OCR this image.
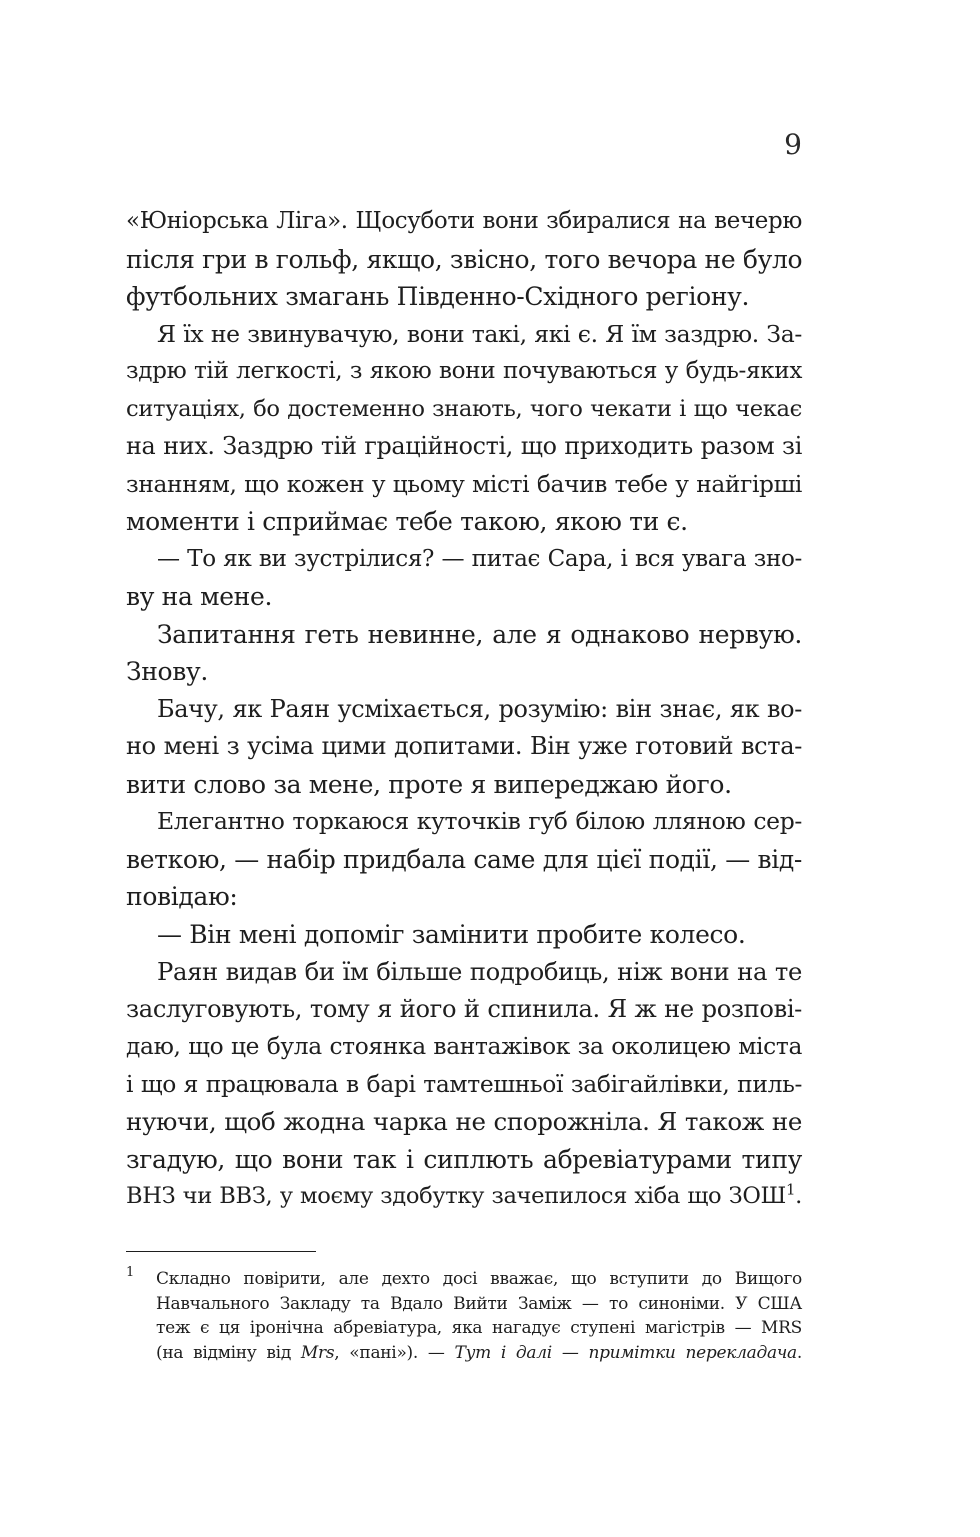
9
«Юніорська Ліга». Щосуботи вони збиралися на вечерю
після гри в гольф, якщо, звісно, того вечора не було
футбольних змагань Південно-Східного регіону.
Я їх не звинувачую, вони такі, які є. Я їм заздрю. За-
здрю тій легкості, з якою вони почуваються у будь-яких
ситуаціях, бо достеменно знають, чого чекати і що чекає
на них. Заздрю тій граційності, що приходить разом зі
знанням, що кожен у цьому місті бачив тебе у найгірші
моменти і сприймає тебе такою, якою ти є.
— То як ви зустрілися? — питає Сара, і вся увага зно-
ву на мене.
Запитання геть невинне, але я однаково нервую.
Знову.
Бачу, як Раян усміхається, розумію: він знає, як во-
но мені з усіма цими допитами. Він уже готовий вста-
вити слово за мене, проте я випереджаю його.
Елегантно торкаюся куточків губ білою лляною сер-
веткою, — набір придбала саме для цієї події, — від-
повідаю:
— Він мені допоміг замінити пробите колесо.
Раян видав би їм більше подробиць, ніж вони на те
заслуговують, тому я його й спинила. Я ж не розпові-
даю, що це була стоянка вантажівок за околицею міста
і що я працювала в барі тамтешньої забігайлівки, пиль-
нуючи, щоб жодна чарка не спорожніла. Я також не
згадую, що вони так і сиплють абревіатурами типу
ВНЗ чи ВВЗ, у моєму здобутку зачепилося хіба що ЗОШ$^1$.
1 Складно повірити, але дехто досі вважає, що вступити до Вищого
Навчального Закладу та Вдало Вийти Заміж — то синоніми. У США
теж є ця іронічна абревіатура, яка нагадує ступені магістрів — MRS
(на відміну від Mrs, «пані»). — Тут і далі — примітки перекладача.
